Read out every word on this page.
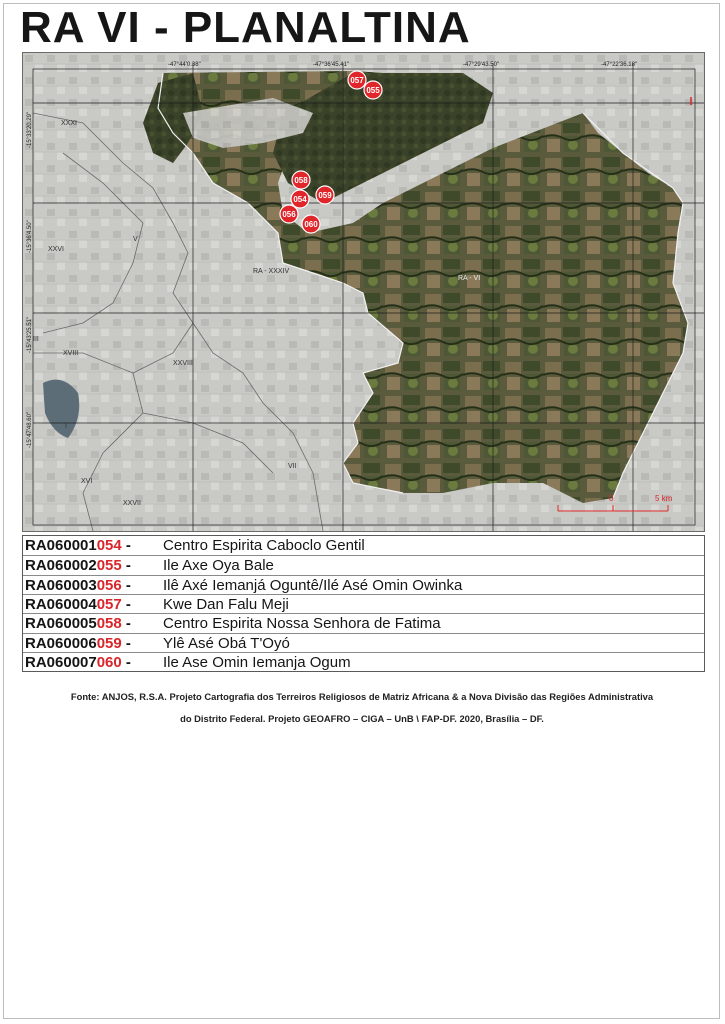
RA VI - PLANALTINA
-47°44'0.38"	-47°36'45.41"	-47°29'43.50"	-47°22'36.18"
-15°33'20.29"
-15°36'4.50"
-15°43'25.51"
-15°47'48.60"
XXXI
V
XXVI
RA - XXXIV
RA - VI
III
XVIII
XXVIII
I
VII
XVI
XXVII
0	5 km
057
055
058
059
054
056
060
RA060001054 - Centro Espirita Caboclo Gentil
RA060002055 - Ile Axe Oya Bale
RA060003056 - Ilê Axé Iemanjá Oguntê/Ilé Asé Omin Owinka
RA060004057 - Kwe Dan Falu Meji
RA060005058 - Centro Espirita Nossa Senhora de Fatima
RA060006059 - Ylê Asé Obá T'Oyó
RA060007060 - Ile Ase Omin Iemanja Ogum

Fonte: ANJOS, R.S.A. Projeto Cartografia dos Terreiros Religiosos de Matriz Africana & a Nova Divisão das Regiões Administrativa

do Distrito Federal. Projeto GEOAFRO – CIGA – UnB \ FAP-DF. 2020, Brasília – DF.
